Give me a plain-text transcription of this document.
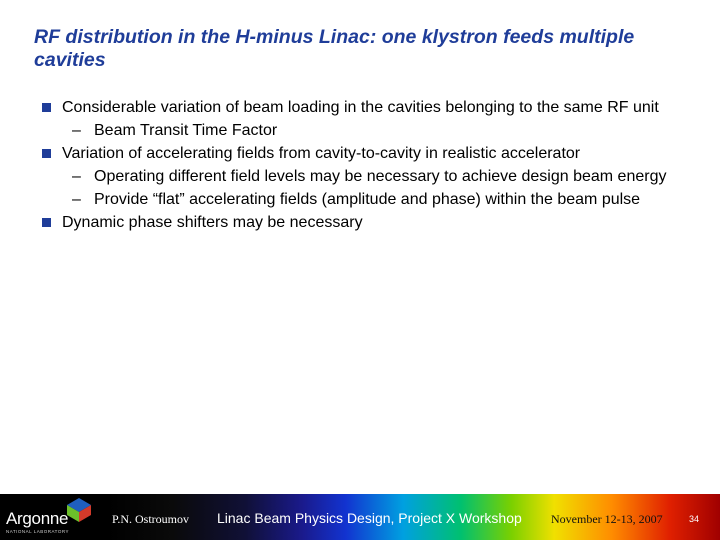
RF distribution in the H-minus Linac: one klystron feeds multiple cavities
Considerable variation of beam loading in the cavities belonging to the same RF unit
– Beam Transit Time Factor
Variation of accelerating fields from cavity-to-cavity in realistic accelerator
– Operating different field levels may be necessary to achieve design beam energy
– Provide “flat” accelerating fields (amplitude and phase) within the beam pulse
Dynamic phase shifters may be necessary
Argonne
NATIONAL LABORATORY
P.N. Ostroumov Linac Beam Physics Design, Project X Workshop November 12-13, 2007	34
